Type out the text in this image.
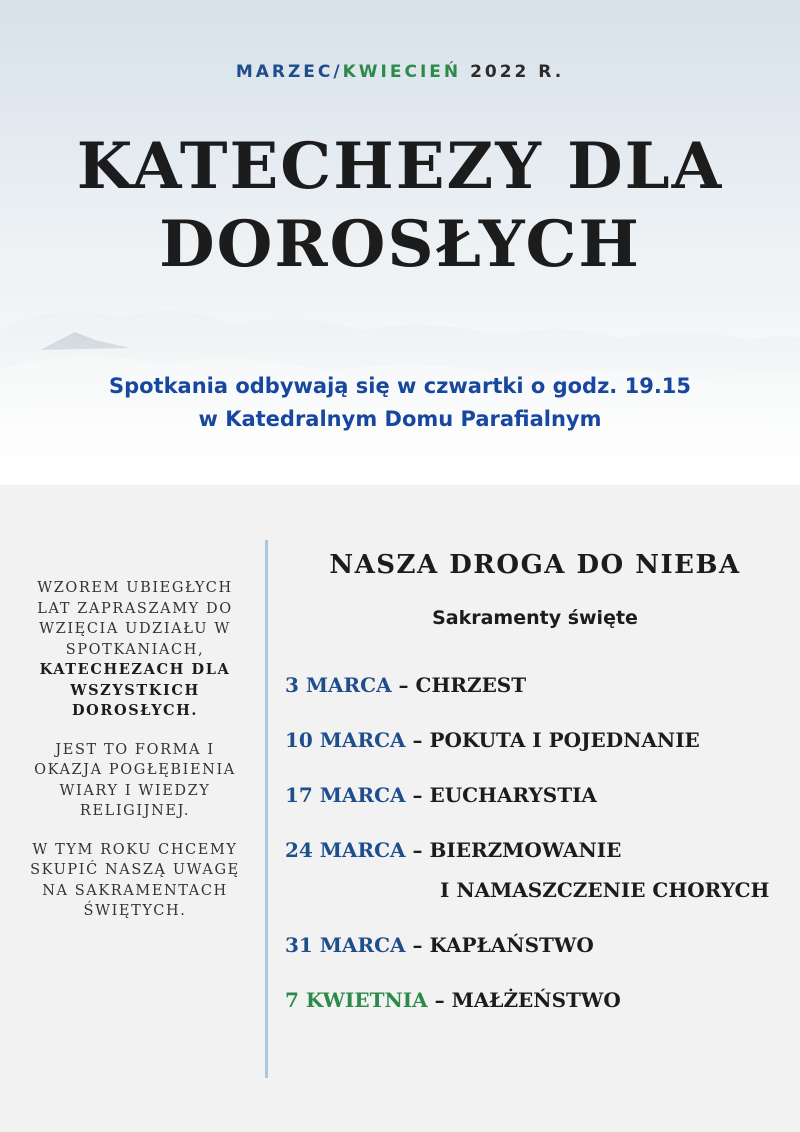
MARZEC/KWIECIEŃ 2022 R.
KATECHEZY DLA
DOROSŁYCH
Spotkania odbywają się w czwartki o godz. 19.15
w Katedralnym Domu Parafialnym

WZOREM UBIEGŁYCH LAT ZAPRASZAMY DO WZIĘCIA UDZIAŁU W SPOTKANIACH,
KATECHEZACH DLA WSZYSTKICH DOROSŁYCH.

JEST TO FORMA I OKAZJA POGŁĘBIENIA WIARY I WIEDZY RELIGIJNEJ.

W TYM ROKU CHCEMY SKUPIĆ NASZĄ UWAGĘ NA SAKRAMENTACH ŚWIĘTYCH.

NASZA DROGA DO NIEBA
Sakramenty święte
3 MARCA – CHRZEST
10 MARCA – POKUTA I POJEDNANIE
17 MARCA – EUCHARYSTIA
24 MARCA – BIERZMOWANIE
I NAMASZCZENIE CHORYCH
31 MARCA – KAPŁAŃSTWO
7 KWIETNIA – MAŁŻEŃSTWO
